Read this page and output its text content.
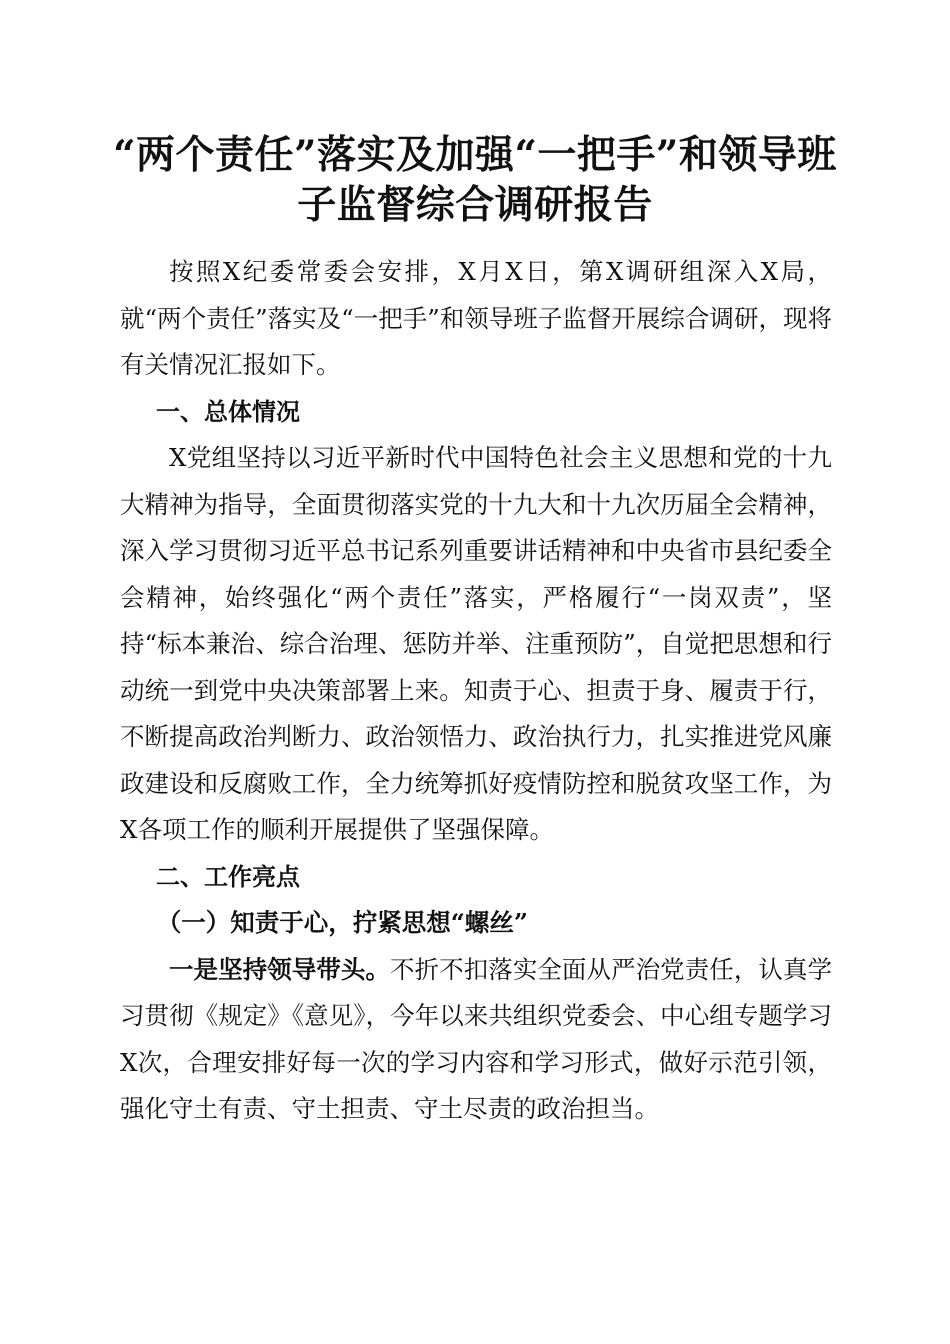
“两个责任”落实及加强“一把手”和领导班
子监督综合调研报告

按照X纪委常委会安排，X月X日，第X调研组深入X局，就“两个责任”落实及“一把手”和领导班子监督开展综合调研，现将有关情况汇报如下。

一、总体情况

X党组坚持以习近平新时代中国特色社会主义思想和党的十九大精神为指导，全面贯彻落实党的十九大和十九次历届全会精神，深入学习贯彻习近平总书记系列重要讲话精神和中央省市县纪委全会精神，始终强化“两个责任”落实，严格履行“一岗双责”，坚持“标本兼治、综合治理、惩防并举、注重预防”，自觉把思想和行动统一到党中央决策部署上来。知责于心、担责于身、履责于行，不断提高政治判断力、政治领悟力、政治执行力，扎实推进党风廉政建设和反腐败工作，全力统筹抓好疫情防控和脱贫攻坚工作，为X各项工作的顺利开展提供了坚强保障。

二、工作亮点

（一）知责于心，拧紧思想“螺丝”

一是坚持领导带头。不折不扣落实全面从严治党责任，认真学习贯彻《规定》《意见》，今年以来共组织党委会、中心组专题学习X次，合理安排好每一次的学习内容和学习形式，做好示范引领，强化守土有责、守土担责、守土尽责的政治担当。
